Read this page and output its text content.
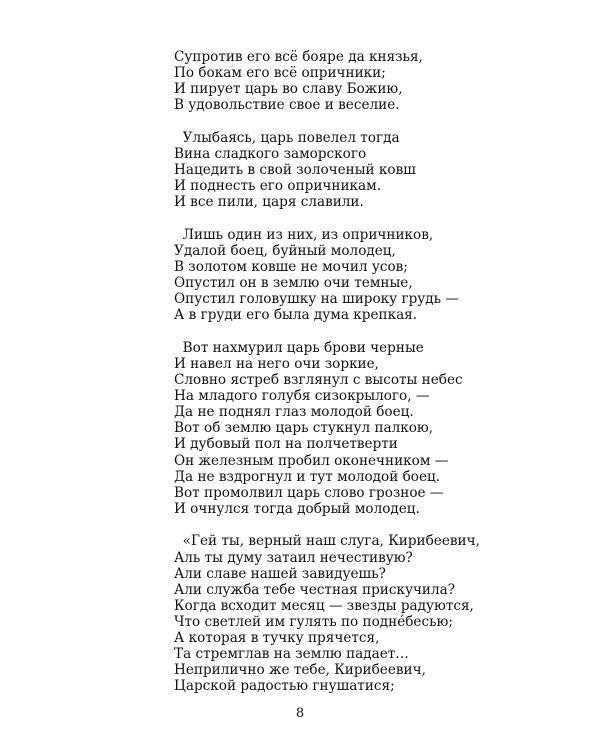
Супротив его всё бояре да князья,
По бокам его всё опричники;
И пирует царь во славу Божию,
В удовольствие свое и веселие.
Улыбаясь, царь повелел тогда
Вина сладкого заморского
Нацедить в свой золоченый ковш
И поднесть его опричникам.
И все пили, царя славили.
Лишь один из них, из опричников,
Удалой боец, буйный молодец,
В золотом ковше не мочил усов;
Опустил он в землю очи темные,
Опустил головушку на широку грудь —
А в груди его была дума крепкая.
Вот нахмурил царь брови черные
И навел на него очи зоркие,
Словно ястреб взглянул с высоты небес
На младого голубя сизокрылого, —
Да не поднял глаз молодой боец.
Вот об землю царь стукнул палкою,
И дубовый пол на полчетверти
Он железным пробил оконечником —
Да не вздрогнул и тут молодой боец.
Вот промолвил царь слово грозное —
И очнулся тогда добрый молодец.
«Гей ты, верный наш слуга, Кирибеевич,
Аль ты думу затаил нечестивую?
Али славе нашей завидуешь?
Али служба тебе честная прискучила?
Когда всходит месяц — звезды радуются,
Что светлей им гулять по поднéбесью;
А которая в тучку прячется,
Та стремглав на землю падает…
Неприлично же тебе, Кирибеевич,
Царской радостью гнушатися;
8
